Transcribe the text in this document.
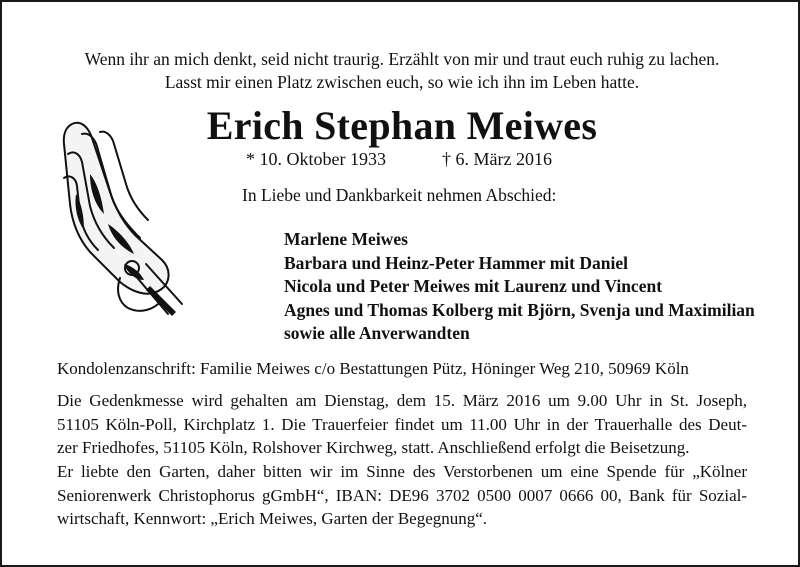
Wenn ihr an mich denkt, seid nicht traurig. Erzählt von mir und traut euch ruhig zu lachen.
Lasst mir einen Platz zwischen euch, so wie ich ihn im Leben hatte.
Erich Stephan Meiwes
* 10. Oktober 1933	† 6. März 2016
In Liebe und Dankbarkeit nehmen Abschied:
Marlene Meiwes
Barbara und Heinz-Peter Hammer mit Daniel
Nicola und Peter Meiwes mit Laurenz und Vincent
Agnes und Thomas Kolberg mit Björn, Svenja und Maximilian
sowie alle Anverwandten
Kondolenzanschrift: Familie Meiwes c/o Bestattungen Pütz, Höninger Weg 210, 50969 Köln
Die Gedenkmesse wird gehalten am Dienstag, dem 15. März 2016 um 9.00 Uhr in St. Joseph,
51105 Köln-Poll, Kirchplatz 1. Die Trauerfeier findet um 11.00 Uhr in der Trauerhalle des Deut-
zer Friedhofes, 51105 Köln, Rolshover Kirchweg, statt. Anschließend erfolgt die Beisetzung.
Er liebte den Garten, daher bitten wir im Sinne des Verstorbenen um eine Spende für „Kölner
Seniorenwerk Christophorus gGmbH“, IBAN: DE96 3702 0500 0007 0666 00, Bank für Sozial-
wirtschaft, Kennwort: „Erich Meiwes, Garten der Begegnung“.
